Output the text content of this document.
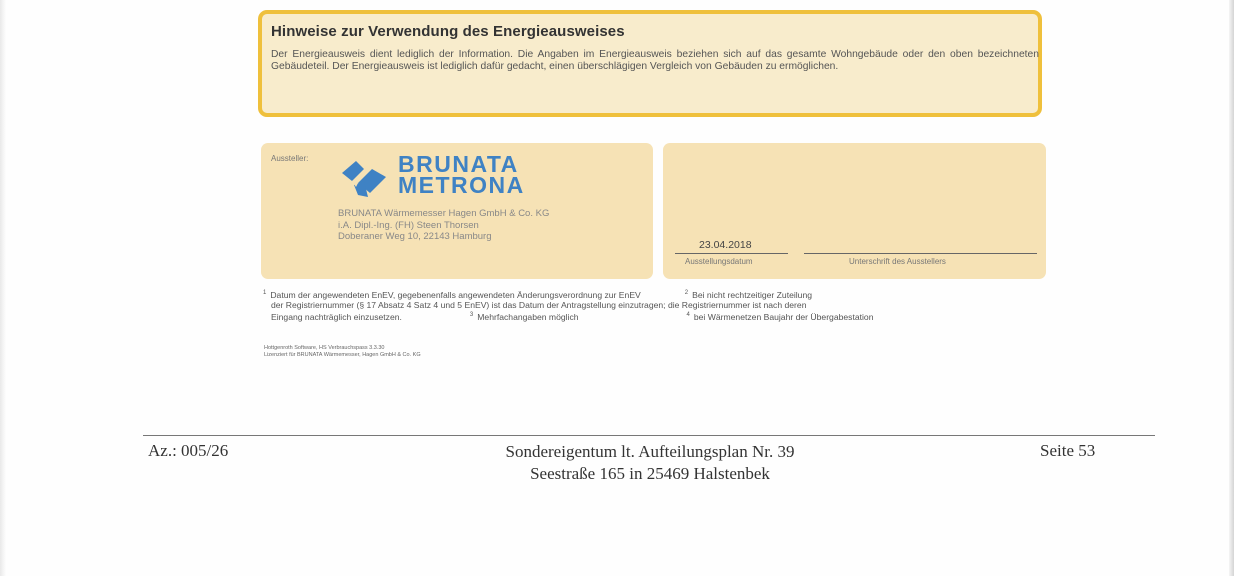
Hinweise zur Verwendung des Energieausweises
Der Energieausweis dient lediglich der Information. Die Angaben im Energieausweis beziehen sich auf das gesamte Wohngebäude oder den oben bezeichneten Gebäudeteil. Der Energieausweis ist lediglich dafür gedacht, einen überschlägigen Vergleich von Gebäuden zu ermöglichen.
Aussteller:	BRUNATA
METRONA
BRUNATA Wärmemesser Hagen GmbH & Co. KG
i.A. Dipl.-Ing. (FH) Steen Thorsen
Doberaner Weg 10, 22143 Hamburg
23.04.2018
Ausstellungsdatum	Unterschrift des Ausstellers
$^1$ Datum der angewendeten EnEV, gegebenenfalls angewendeten Änderungsverordnung zur EnEV	$^2$ Bei nicht rechtzeitiger Zuteilung
der Registriernummer (§ 17 Absatz 4 Satz 4 und 5 EnEV) ist das Datum der Antragstellung einzutragen; die Registriernummer ist nach deren
Eingang nachträglich einzusetzen.	$^3$ Mehrfachangaben möglich	$^4$ bei Wärmenetzen Baujahr der Übergabestation
Hottgenroth Software, HS Verbrauchspass 3.3.30
Lizenziert für BRUNATA Wärmemesser, Hagen GmbH & Co. KG
Az.: 005/26	Sondereigentum lt. Aufteilungsplan Nr. 39
Seestraße 165 in 25469 Halstenbek
Seite 53
